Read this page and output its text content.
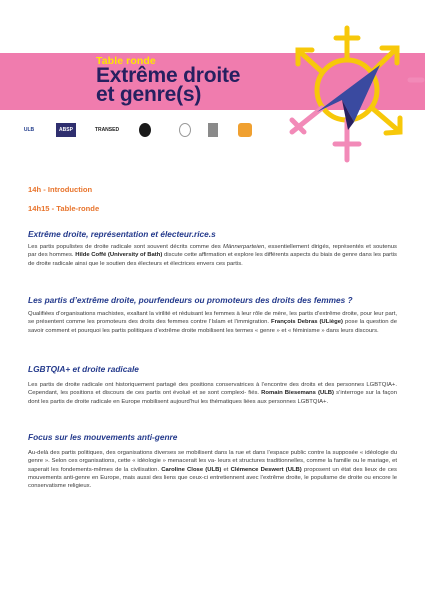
Table ronde
Extrême droite
et genre(s)
ULB	ABSP	TRANSED
14h - Introduction
14h15 - Table-ronde
Extrême droite, représentation et électeur.rice.s
Les partis populistes de droite radicale sont souvent décrits comme des Männerparteien, essentiellement dirigés, représentés et soutenus par des hommes. Hilde Coffé (University of Bath) discute cette affirmation et explore les différents aspects du biais de genre dans les partis de droite radicale ainsi que le soutien des électeurs et électrices envers ces partis.
Les partis d’extrême droite, pourfendeurs ou promoteurs des droits des femmes ?
Qualifiées d’organisations machistes, exaltant la virilité et réduisant les femmes à leur rôle de mère, les partis d’extrême droite, pour leur part, se présentent comme les promoteurs des droits des femmes contre l’Islam et l’immigration. François Debras (ULiège) pose la question de savoir comment et pourquoi les partis politiques d’extrême droite mobilisent les termes « genre » et « féminisme » dans leurs discours.
LGBTQIA+ et droite radicale
Les partis de droite radicale ont historiquement partagé des positions conservatrices à l’encontre des droits et des personnes LGBTQIA+. Cependant, les positions et discours de ces partis ont évolué et se sont complexi- fiés. Romain Biesemans (ULB) s’interroge sur la façon dont les partis de droite radicale en Europe mobilisent aujourd’hui les thématiques liées aux personnes LGBTQIA+.
Focus sur les mouvements anti-genre
Au-delà des partis politiques, des organisations diverses se mobilisent dans la rue et dans l’espace public contre la supposée « idéologie du genre ». Selon ces organisations, cette « idéologie » menacerait les va- leurs et structures traditionnelles, comme la famille ou le mariage, et saperait les fondements-mêmes de la civilisation. Caroline Close (ULB) et Clémence Deswert (ULB) proposent un état des lieux de ces mouvements anti-genre en Europe, mais aussi des liens que ceux-ci entretiennent avec l’extrême droite, le populisme de droite ou encore le conservatisme religieux.
